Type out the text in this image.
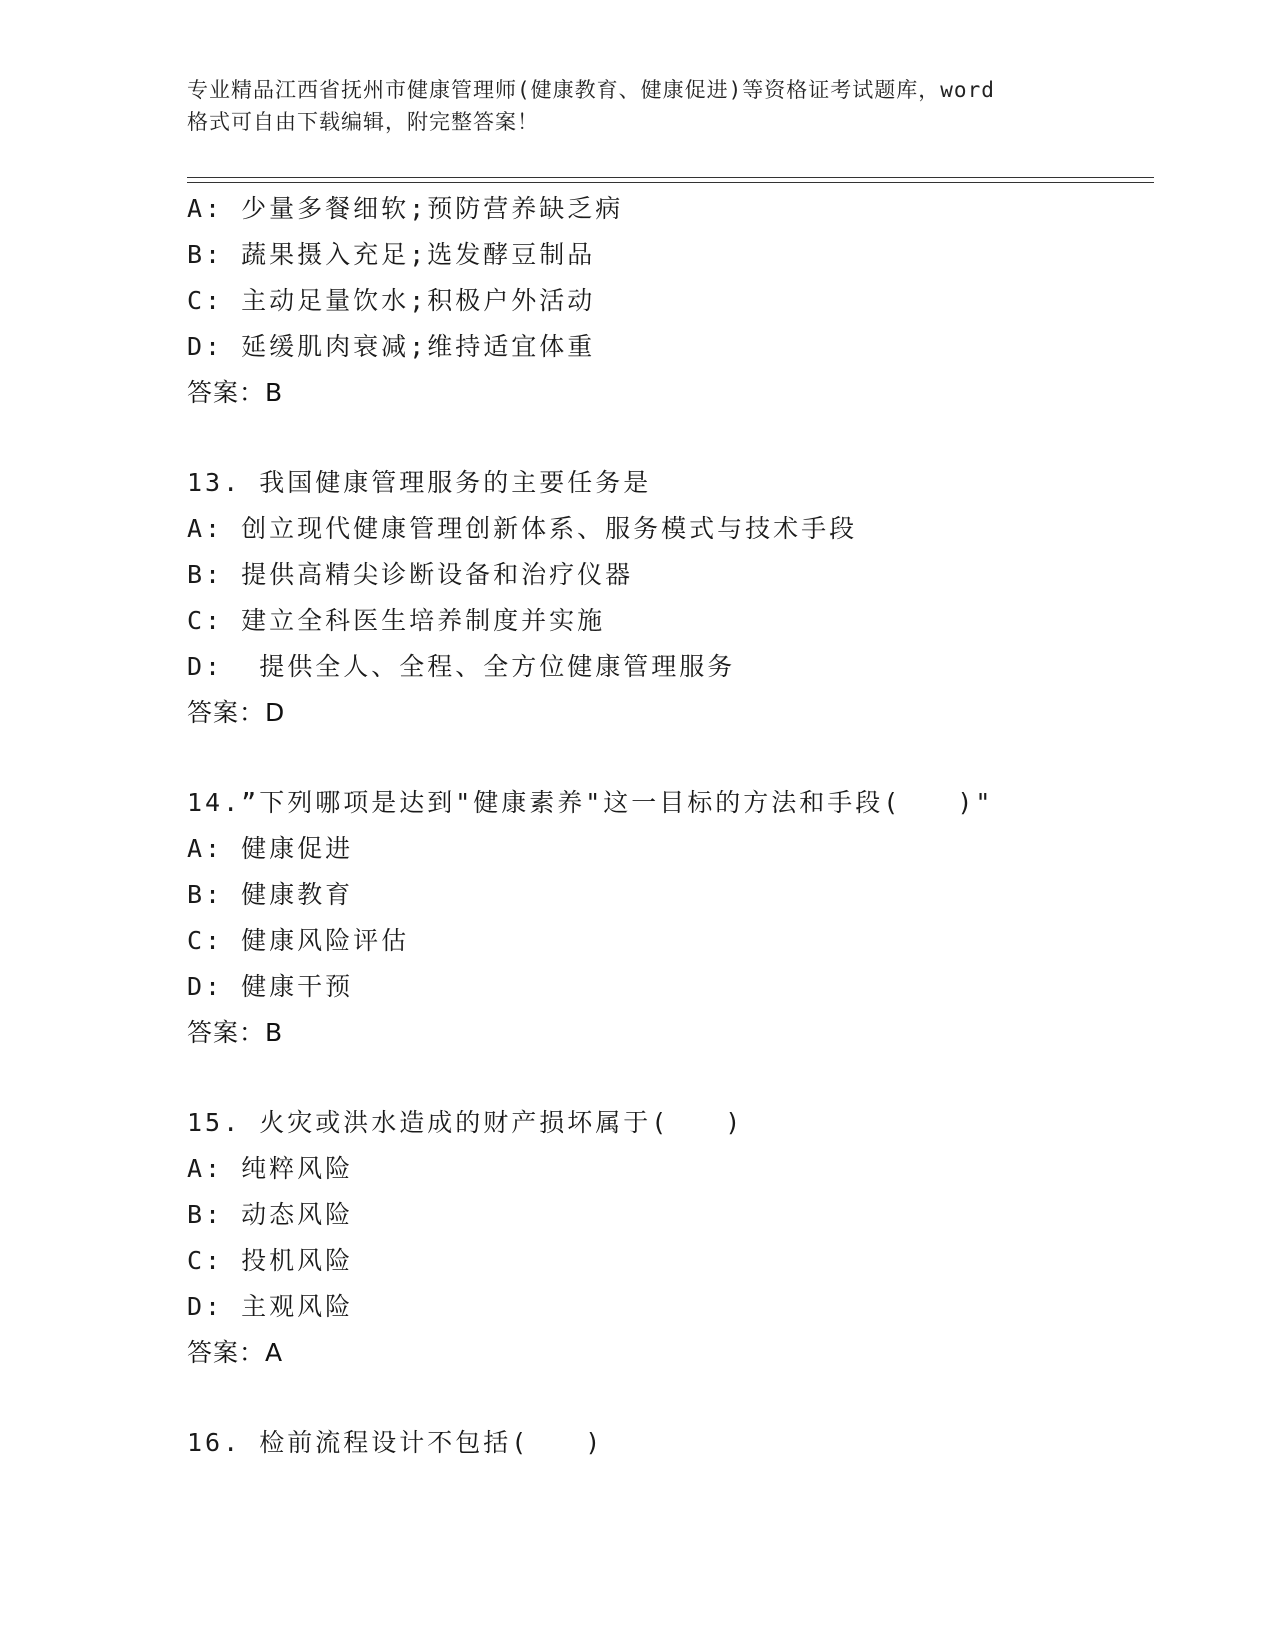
专业精品江西省抚州市健康管理师(健康教育、健康促进)等资格证考试题库，word
格式可自由下载编辑，附完整答案！
A: 少量多餐细软;预防营养缺乏病
B: 蔬果摄入充足;选发酵豆制品
C: 主动足量饮水;积极户外活动
D: 延缓肌肉衰减;维持适宜体重
答案：B
13. 我国健康管理服务的主要任务是
A: 创立现代健康管理创新体系、服务模式与技术手段
B: 提供高精尖诊断设备和治疗仪器
C: 建立全科医生培养制度并实施
D:  提供全人、全程、全方位健康管理服务
答案：D
14.”下列哪项是达到"健康素养"这一目标的方法和手段(　　)"
A: 健康促进
B: 健康教育
C: 健康风险评估
D: 健康干预
答案：B
15. 火灾或洪水造成的财产损坏属于(　　)
A: 纯粹风险
B: 动态风险
C: 投机风险
D: 主观风险
答案：A
16. 检前流程设计不包括(　　)
